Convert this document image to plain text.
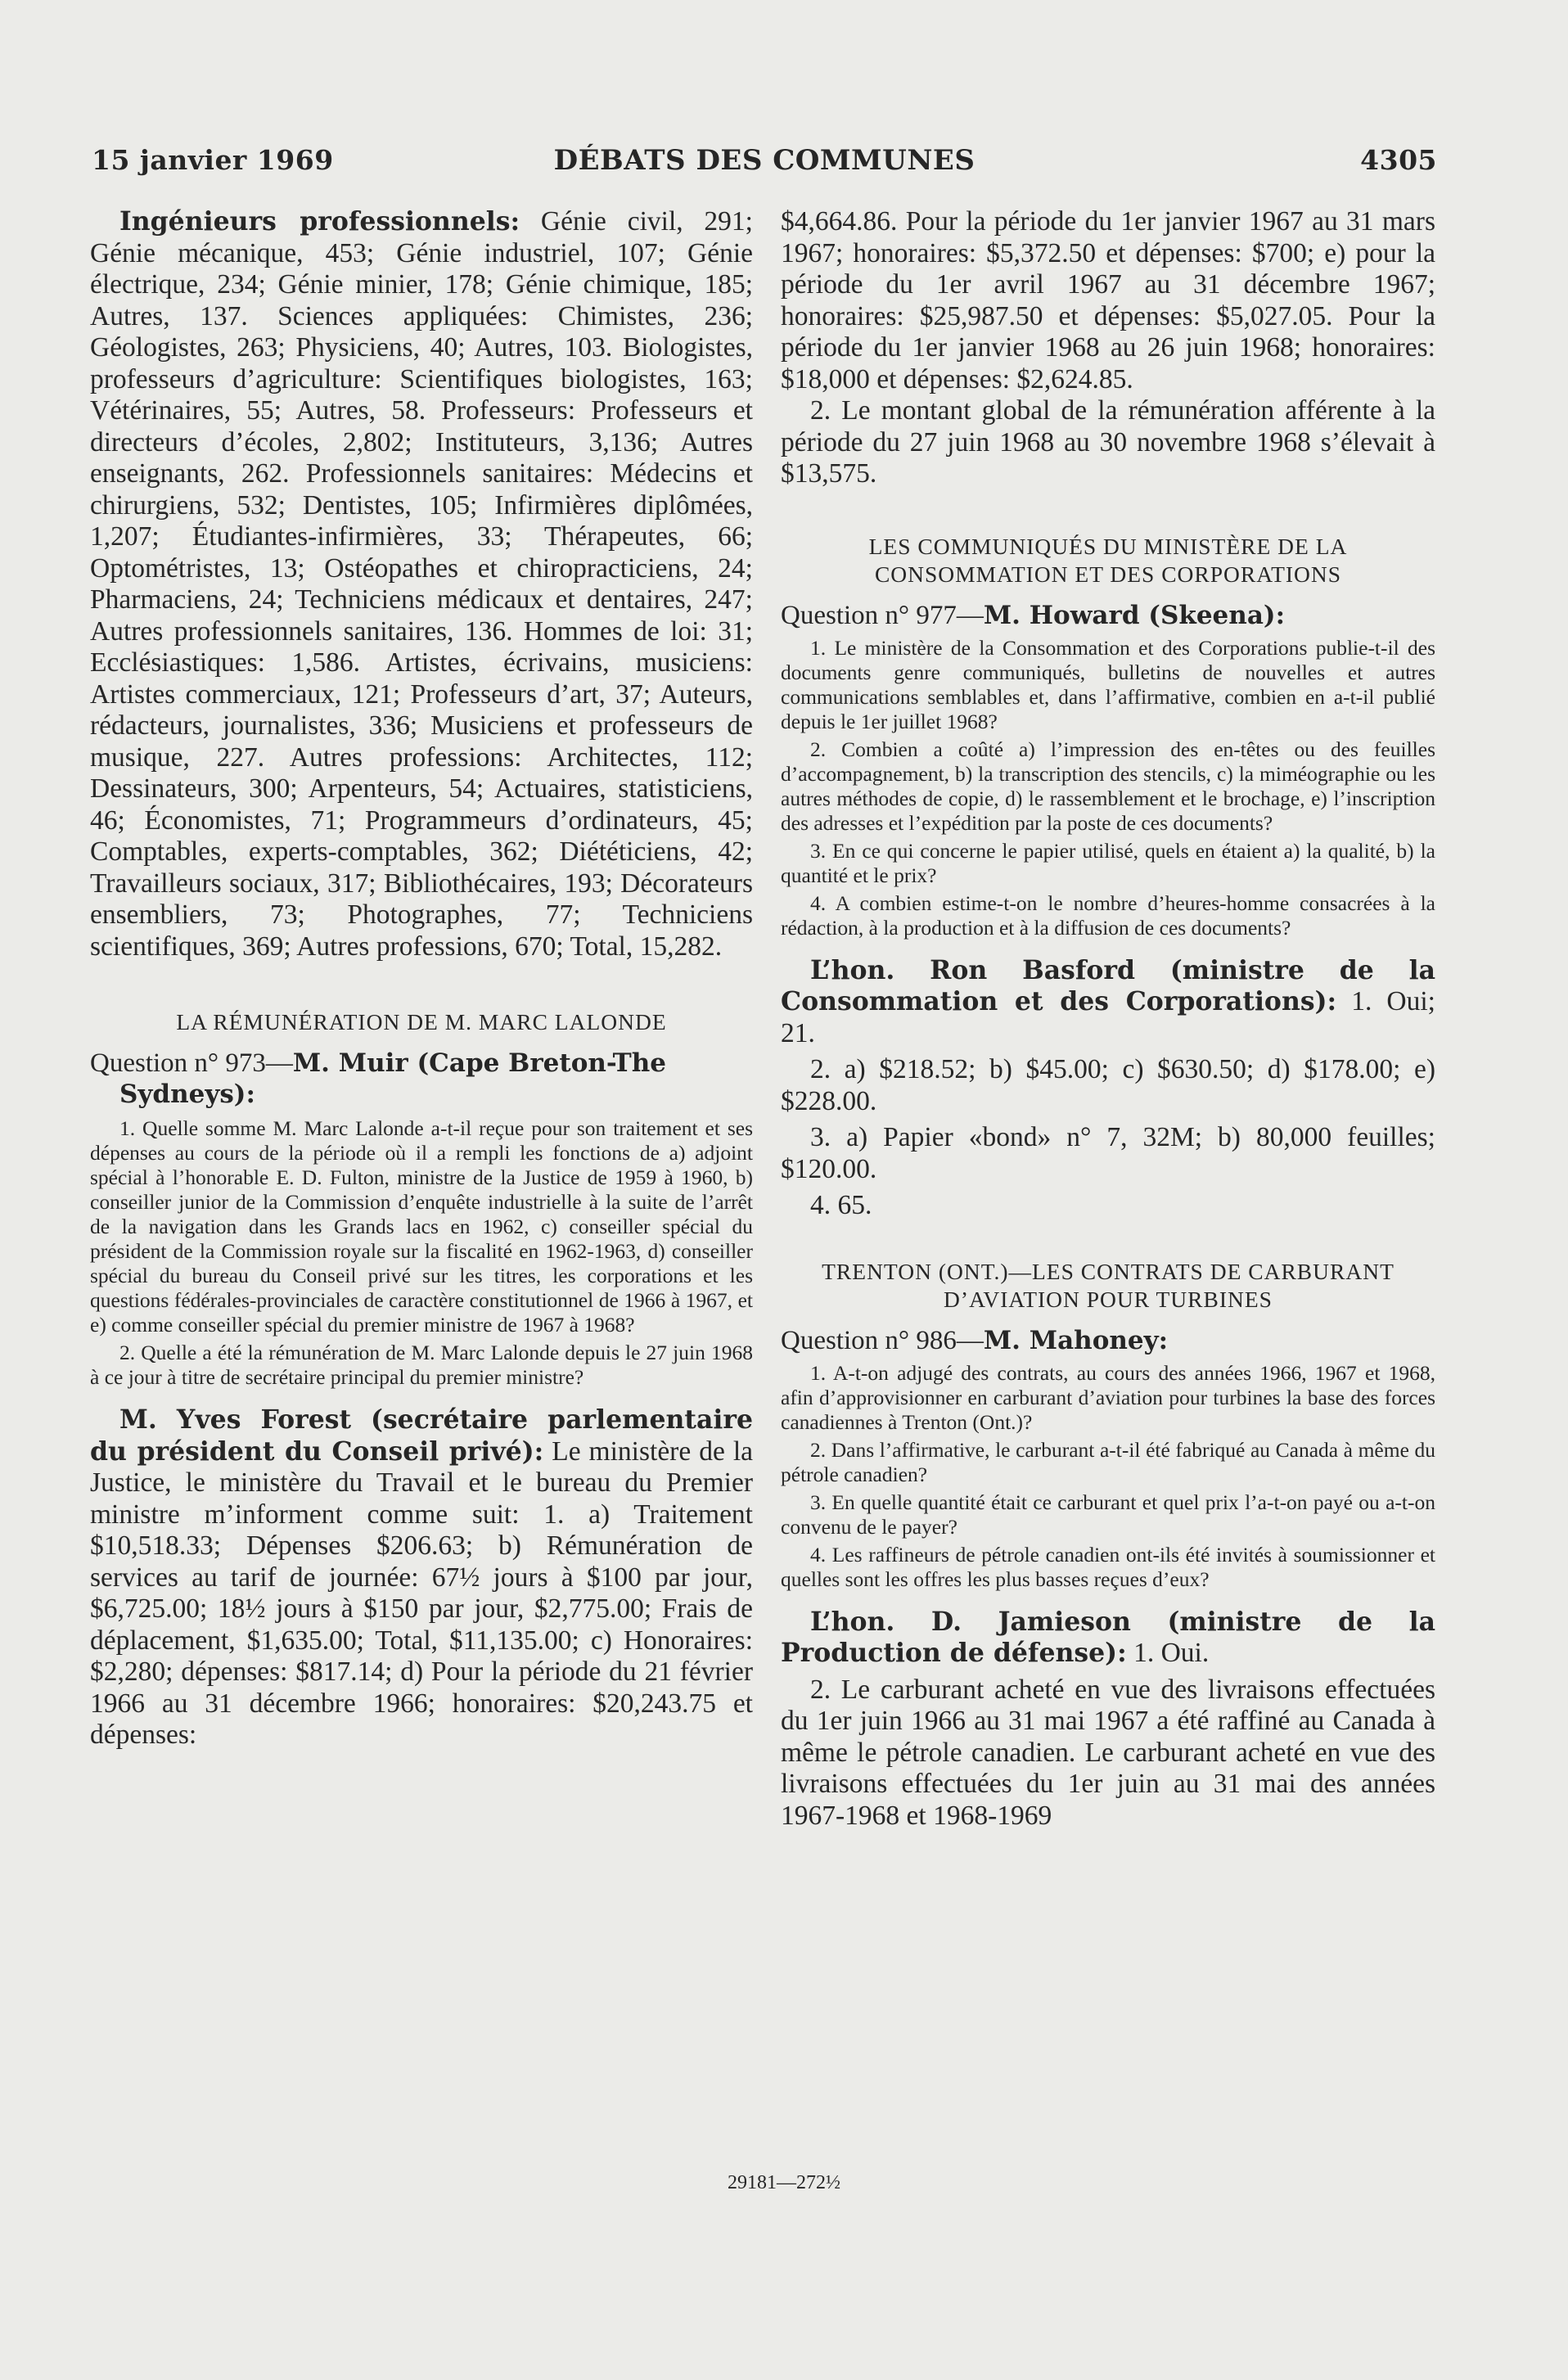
15 janvier 1969	DÉBATS DES COMMUNES	4305

Ingénieurs professionnels: Génie civil, 291; Génie mécanique, 453; Génie industriel, 107; Génie électrique, 234; Génie minier, 178; Génie chimique, 185; Autres, 137. Sciences appliquées: Chimistes, 236; Géologistes, 263; Physiciens, 40; Autres, 103. Biologistes, professeurs d’agriculture: Scientifiques biologistes, 163; Vétérinaires, 55; Autres, 58. Professeurs: Professeurs et directeurs d’écoles, 2,802; Instituteurs, 3,136; Autres enseignants, 262. Professionnels sanitaires: Médecins et chirurgiens, 532; Dentistes, 105; Infirmières diplômées, 1,207; Étudiantes-infirmières, 33; Thérapeutes, 66; Optométristes, 13; Ostéopathes et chiropracticiens, 24; Pharmaciens, 24; Techniciens médicaux et dentaires, 247; Autres professionnels sanitaires, 136. Hommes de loi: 31; Ecclésiastiques: 1,586. Artistes, écrivains, musiciens: Artistes commerciaux, 121; Professeurs d’art, 37; Auteurs, rédacteurs, journalistes, 336; Musiciens et professeurs de musique, 227. Autres professions: Architectes, 112; Dessinateurs, 300; Arpenteurs, 54; Actuaires, statisticiens, 46; Économistes, 71; Programmeurs d’ordinateurs, 45; Comptables, experts-comptables, 362; Diététiciens, 42; Travailleurs sociaux, 317; Bibliothécaires, 193; Décorateurs ensembliers, 73; Photographes, 77; Techniciens scientifiques, 369; Autres professions, 670; Total, 15,282.

LA RÉMUNÉRATION DE M. MARC LALONDE

Question n° 973—M. Muir (Cape Breton-The Sydneys):

1. Quelle somme M. Marc Lalonde a-t-il reçue pour son traitement et ses dépenses au cours de la période où il a rempli les fonctions de a) adjoint spécial à l’honorable E. D. Fulton, ministre de la Justice de 1959 à 1960, b) conseiller junior de la Commission d’enquête industrielle à la suite de l’arrêt de la navigation dans les Grands lacs en 1962, c) conseiller spécial du président de la Commission royale sur la fiscalité en 1962-1963, d) conseiller spécial du bureau du Conseil privé sur les titres, les corporations et les questions fédérales-provinciales de caractère constitutionnel de 1966 à 1967, et e) comme conseiller spécial du premier ministre de 1967 à 1968?

2. Quelle a été la rémunération de M. Marc Lalonde depuis le 27 juin 1968 à ce jour à titre de secrétaire principal du premier ministre?

M. Yves Forest (secrétaire parlementaire du président du Conseil privé): Le ministère de la Justice, le ministère du Travail et le bureau du Premier ministre m’informent comme suit: 1. a) Traitement $10,518.33; Dépenses $206.63; b) Rémunération de services au tarif de journée: 67½ jours à $100 par jour, $6,725.00; 18½ jours à $150 par jour, $2,775.00; Frais de déplacement, $1,635.00; Total, $11,135.00; c) Honoraires: $2,280; dépenses: $817.14; d) Pour la période du 21 février 1966 au 31 décembre 1966; honoraires: $20,243.75 et dépenses:

$4,664.86. Pour la période du 1er janvier 1967 au 31 mars 1967; honoraires: $5,372.50 et dépenses: $700; e) pour la période du 1er avril 1967 au 31 décembre 1967; honoraires: $25,987.50 et dépenses: $5,027.05. Pour la période du 1er janvier 1968 au 26 juin 1968; honoraires: $18,000 et dépenses: $2,624.85.

2. Le montant global de la rémunération afférente à la période du 27 juin 1968 au 30 novembre 1968 s’élevait à $13,575.

LES COMMUNIQUÉS DU MINISTÈRE DE LA CONSOMMATION ET DES CORPORATIONS

Question n° 977—M. Howard (Skeena):

1. Le ministère de la Consommation et des Corporations publie-t-il des documents genre communiqués, bulletins de nouvelles et autres communications semblables et, dans l’affirmative, combien en a-t-il publié depuis le 1er juillet 1968?

2. Combien a coûté a) l’impression des en-têtes ou des feuilles d’accompagnement, b) la transcription des stencils, c) la miméographie ou les autres méthodes de copie, d) le rassemblement et le brochage, e) l’inscription des adresses et l’expédition par la poste de ces documents?

3. En ce qui concerne le papier utilisé, quels en étaient a) la qualité, b) la quantité et le prix?

4. A combien estime-t-on le nombre d’heures-homme consacrées à la rédaction, à la production et à la diffusion de ces documents?

L’hon. Ron Basford (ministre de la Consommation et des Corporations): 1. Oui; 21.

2. a) $218.52; b) $45.00; c) $630.50; d) $178.00; e) $228.00.

3. a) Papier «bond» n° 7, 32M; b) 80,000 feuilles; $120.00.

4. 65.

TRENTON (ONT.)—LES CONTRATS DE CARBURANT D’AVIATION POUR TURBINES

Question n° 986—M. Mahoney:

1. A-t-on adjugé des contrats, au cours des années 1966, 1967 et 1968, afin d’approvisionner en carburant d’aviation pour turbines la base des forces canadiennes à Trenton (Ont.)?

2. Dans l’affirmative, le carburant a-t-il été fabriqué au Canada à même du pétrole canadien?

3. En quelle quantité était ce carburant et quel prix l’a-t-on payé ou a-t-on convenu de le payer?

4. Les raffineurs de pétrole canadien ont-ils été invités à soumissionner et quelles sont les offres les plus basses reçues d’eux?

L’hon. D. Jamieson (ministre de la Production de défense): 1. Oui.

2. Le carburant acheté en vue des livraisons effectuées du 1er juin 1966 au 31 mai 1967 a été raffiné au Canada à même le pétrole canadien. Le carburant acheté en vue des livraisons effectuées du 1er juin au 31 mai des années 1967-1968 et 1968-1969

29181—272½
